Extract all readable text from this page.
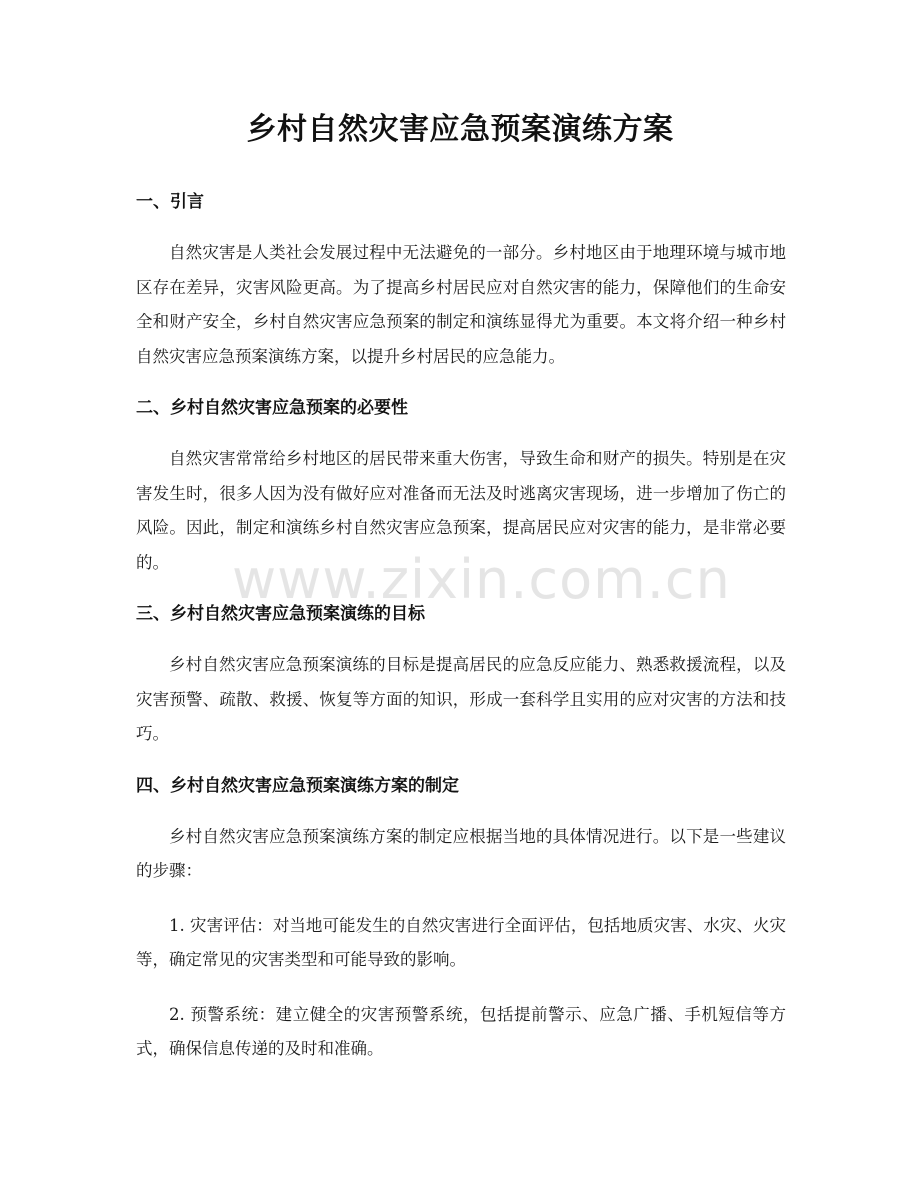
乡村自然灾害应急预案演练方案
一、引言

自然灾害是人类社会发展过程中无法避免的一部分。乡村地区由于地理环境与城市地区存在差异，灾害风险更高。为了提高乡村居民应对自然灾害的能力，保障他们的生命安全和财产安全，乡村自然灾害应急预案的制定和演练显得尤为重要。本文将介绍一种乡村自然灾害应急预案演练方案，以提升乡村居民的应急能力。

二、乡村自然灾害应急预案的必要性

自然灾害常常给乡村地区的居民带来重大伤害，导致生命和财产的损失。特别是在灾害发生时，很多人因为没有做好应对准备而无法及时逃离灾害现场，进一步增加了伤亡的风险。因此，制定和演练乡村自然灾害应急预案，提高居民应对灾害的能力，是非常必要的。

三、乡村自然灾害应急预案演练的目标

乡村自然灾害应急预案演练的目标是提高居民的应急反应能力、熟悉救援流程，以及灾害预警、疏散、救援、恢复等方面的知识，形成一套科学且实用的应对灾害的方法和技巧。

四、乡村自然灾害应急预案演练方案的制定

乡村自然灾害应急预案演练方案的制定应根据当地的具体情况进行。以下是一些建议的步骤：

1. 灾害评估：对当地可能发生的自然灾害进行全面评估，包括地质灾害、水灾、火灾等，确定常见的灾害类型和可能导致的影响。

2. 预警系统：建立健全的灾害预警系统，包括提前警示、应急广播、手机短信等方式，确保信息传递的及时和准确。

www.zixin.com.cn
